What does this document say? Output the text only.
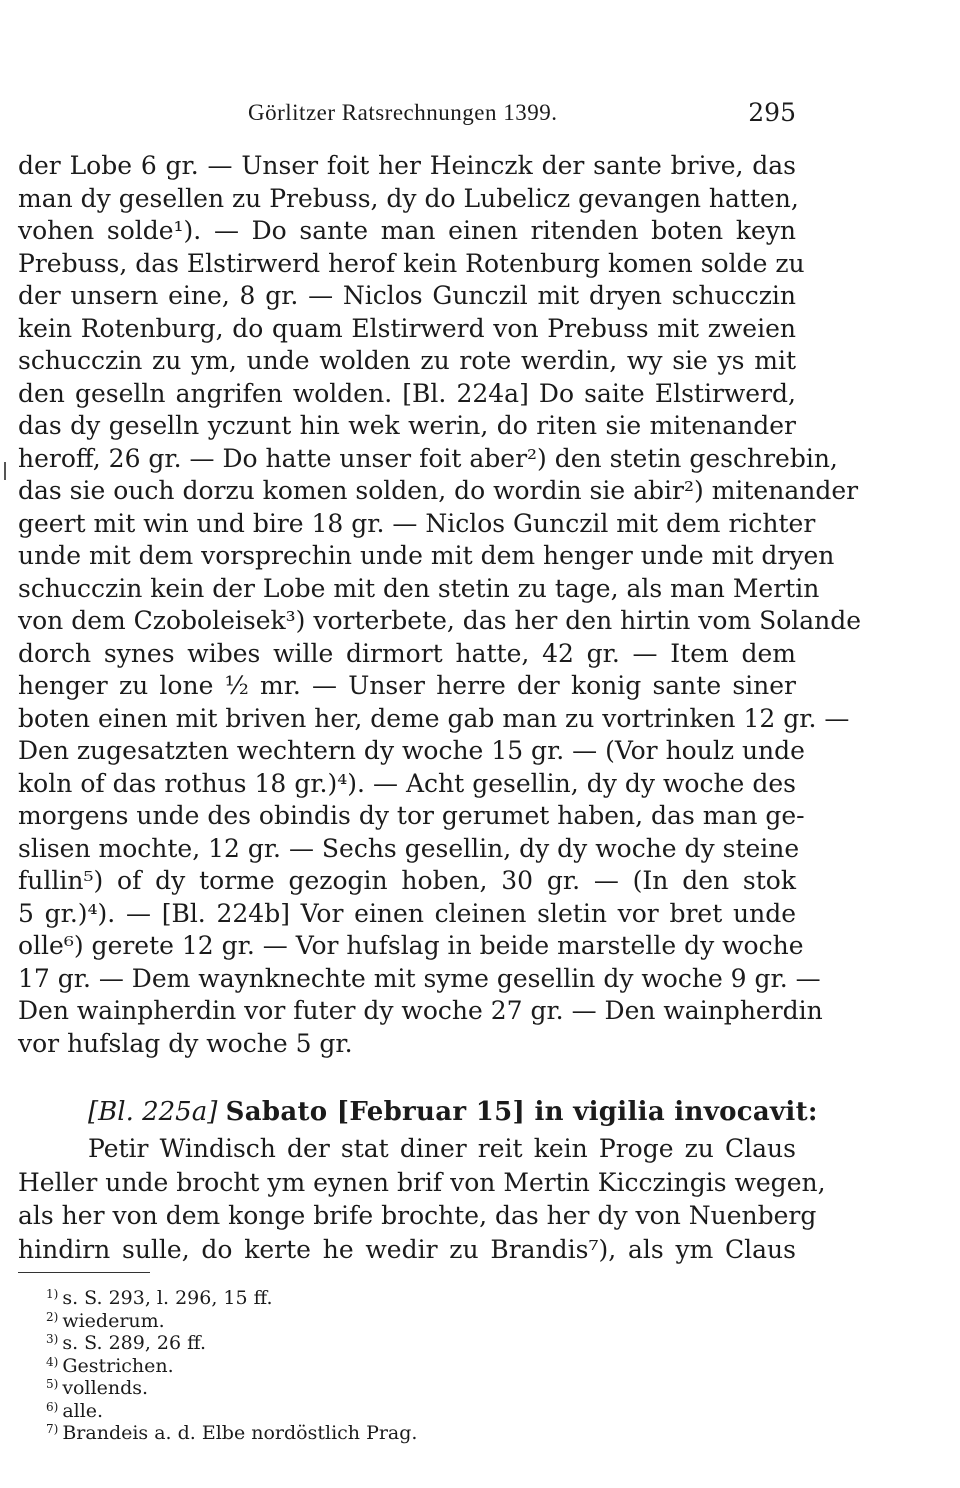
Görlitzer Ratsrechnungen 1399.	295
der Lobe 6 gr. — Unser foit her Heinczk der sante brive, das
man dy gesellen zu Prebuss, dy do Lubelicz gevangen hatten,
vohen solde¹). — Do sante man einen ritenden boten keyn
Prebuss, das Elstirwerd herof kein Rotenburg komen solde zu
der unsern eine, 8 gr. — Niclos Gunczil mit dryen schucczin
kein Rotenburg, do quam Elstirwerd von Prebuss mit zweien
schucczin zu ym, unde wolden zu rote werdin, wy sie ys mit
den geselln angrifen wolden. [Bl. 224a] Do saite Elstirwerd,
das dy geselln yczunt hin wek werin, do riten sie mitenander
heroff, 26 gr. — Do hatte unser foit aber²) den stetin geschrebin,
das sie ouch dorzu komen solden, do wordin sie abir²) mitenander
geert mit win und bire 18 gr. — Niclos Gunczil mit dem richter
unde mit dem vorsprechin unde mit dem henger unde mit dryen
schucczin kein der Lobe mit den stetin zu tage, als man Mertin
von dem Czoboleisek³) vorterbete, das her den hirtin vom Solande
dorch synes wibes wille dirmort hatte, 42 gr. — Item dem
henger zu lone ½ mr. — Unser herre der konig sante siner
boten einen mit briven her, deme gab man zu vortrinken 12 gr. —
Den zugesatzten wechtern dy woche 15 gr. — (Vor houlz unde
koln of das rothus 18 gr.)⁴). — Acht gesellin, dy dy woche des
morgens unde des obindis dy tor gerumet haben, das man ge-
slisen mochte, 12 gr. — Sechs gesellin, dy dy woche dy steine
fullin⁵) of dy torme gezogin hoben, 30 gr. — (In den stok
5 gr.)⁴). — [Bl. 224b] Vor einen cleinen sletin vor bret unde
olle⁶) gerete 12 gr. — Vor hufslag in beide marstelle dy woche
17 gr. — Dem waynknechte mit syme gesellin dy woche 9 gr. —
Den wainpherdin vor futer dy woche 27 gr. — Den wainpherdin
vor hufslag dy woche 5 gr.
[Bl. 225a] Sabato [Februar 15] in vigilia invocavit:
Petir Windisch der stat diner reit kein Proge zu Claus
Heller unde brocht ym eynen brif von Mertin Kicczingis wegen,
als her von dem konge brife brochte, das her dy von Nuenberg
hindirn sulle, do kerte he wedir zu Brandis⁷), als ym Claus
$^{1)}$ s. S. 293, l. 296, 15 ff.
$^{2)}$ wiederum.
$^{3)}$ s. S. 289, 26 ff.
$^{4)}$ Gestrichen.
$^{5)}$ vollends.
$^{6)}$ alle.
$^{7)}$ Brandeis a. d. Elbe nordöstlich Prag.
